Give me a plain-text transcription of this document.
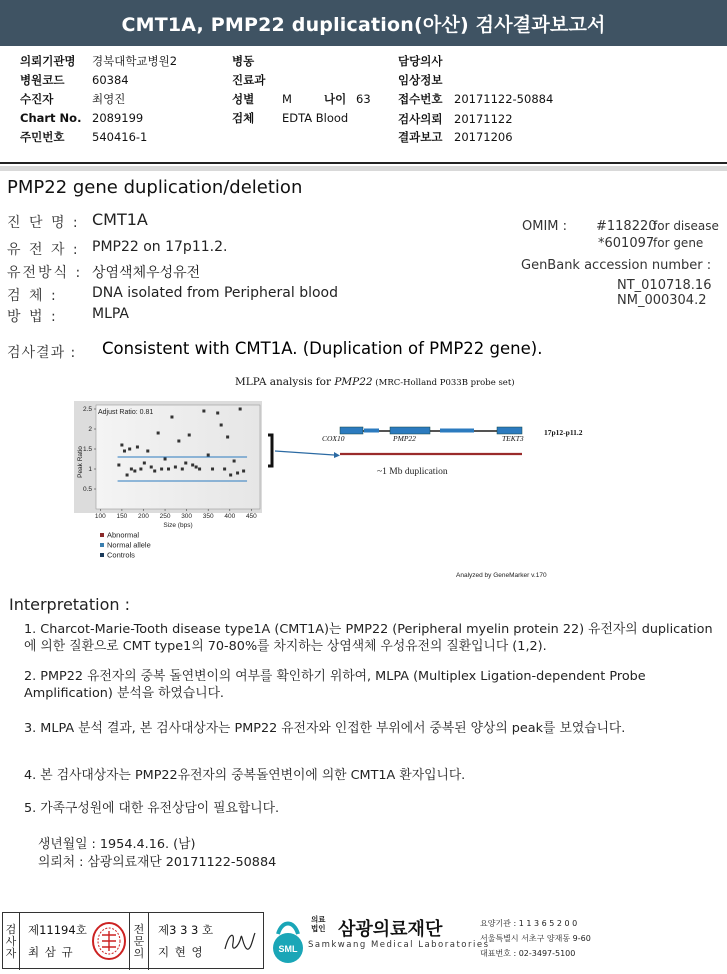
CMT1A, PMP22 duplication(아산) 검사결과보고서
의뢰기관명 경북대학교병원2
병원코드 60384
수진자	최영진
Chart No. 2089199
주민번호 540416-1
병동
진료과
성별 M	나이 63
검체 EDTA Blood
담당의사
임상정보
접수번호 20171122-50884
검사의뢰 20171122
결과보고 20171206
PMP22 gene duplication/deletion
진 단 명 : CMT1A
유 전 자 : PMP22 on 17p11.2.
유전방식 : 상염색체우성유전
검 체 : DNA isolated from Peripheral blood
방 법 : MLPA
OMIM : #118220
for disease
*601097
for gene
GenBank accession number :
NT_010718.16
NM_000304.2
검사결과 : Consistent with CMT1A. (Duplication of PMP22 gene).
MLPA analysis for PMP22 (MRC-Holland P033B probe set)
0.5
1
1.5
2
2.5
100 150 200 250 300 350 400 450
Adjust Ratio: 0.81
Peak Ratio
Size (bps)
Abnormal
Normal allele
Controls
COX10	PMP22	TEKT3
17p12-p11.2
~1 Mb duplication
Analyzed by GeneMarker v.170
Interpretation :
1. Charcot-Marie-Tooth disease type1A (CMT1A)는 PMP22 (Peripheral myelin protein 22) 유전자의 duplication에 의한 질환으로 CMT type1의 70-80%를 차지하는 상염색체 우성유전의 질환입니다 (1,2).
2. PMP22 유전자의 중복 돌연변이의 여부를 확인하기 위하여, MLPA (Multiplex Ligation-dependent Probe Amplification) 분석을 하였습니다.
3. MLPA 분석 결과, 본 검사대상자는 PMP22 유전자와 인접한 부위에서 중복된 양상의 peak를 보였습니다.
4. 본 검사대상자는 PMP22유전자의 중복돌연변이에 의한 CMT1A 환자입니다.
5. 가족구성원에 대한 유전상담이 필요합니다.
생년월일 : 1954.4.16. (남)
의뢰처 : 삼광의료재단 20171122-50884
검
사
자
제11194호
최 삼 규
전
문
의
제3 3 3 호
지 현 영	SML
의료
법인 삼광의료재단
Samkwang Medical Laboratories
요양기관 : 1 1 3 6 5 2 0 0
서울특별시 서초구 양재동 9-60
대표번호 : 02-3497-5100
